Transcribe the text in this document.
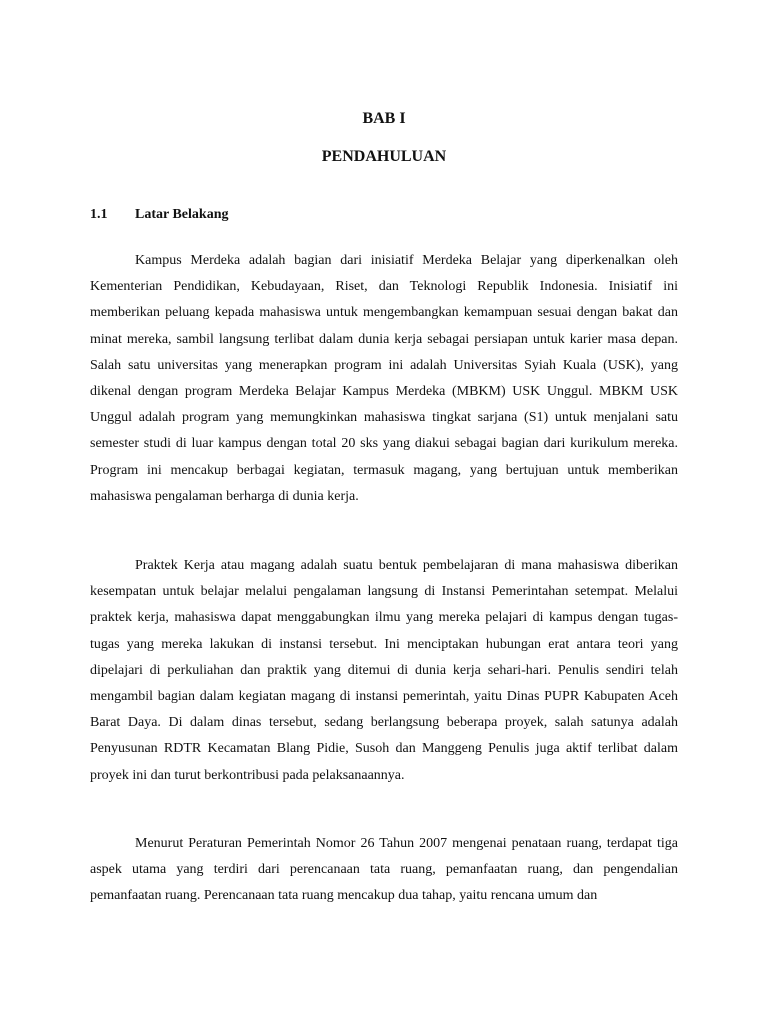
BAB I
PENDAHULUAN
1.1 Latar Belakang

Kampus Merdeka adalah bagian dari inisiatif Merdeka Belajar yang diperkenalkan oleh Kementerian Pendidikan, Kebudayaan, Riset, dan Teknologi Republik Indonesia. Inisiatif ini memberikan peluang kepada mahasiswa untuk mengembangkan kemampuan sesuai dengan bakat dan minat mereka, sambil langsung terlibat dalam dunia kerja sebagai persiapan untuk karier masa depan. Salah satu universitas yang menerapkan program ini adalah Universitas Syiah Kuala (USK), yang dikenal dengan program Merdeka Belajar Kampus Merdeka (MBKM) USK Unggul. MBKM USK Unggul adalah program yang memungkinkan mahasiswa tingkat sarjana (S1) untuk menjalani satu semester studi di luar kampus dengan total 20 sks yang diakui sebagai bagian dari kurikulum mereka. Program ini mencakup berbagai kegiatan, termasuk magang, yang bertujuan untuk memberikan mahasiswa pengalaman berharga di dunia kerja.

Praktek Kerja atau magang adalah suatu bentuk pembelajaran di mana mahasiswa diberikan kesempatan untuk belajar melalui pengalaman langsung di Instansi Pemerintahan setempat. Melalui praktek kerja, mahasiswa dapat menggabungkan ilmu yang mereka pelajari di kampus dengan tugas-tugas yang mereka lakukan di instansi tersebut. Ini menciptakan hubungan erat antara teori yang dipelajari di perkuliahan dan praktik yang ditemui di dunia kerja sehari-hari. Penulis sendiri telah mengambil bagian dalam kegiatan magang di instansi pemerintah, yaitu Dinas PUPR Kabupaten Aceh Barat Daya. Di dalam dinas tersebut, sedang berlangsung beberapa proyek, salah satunya adalah Penyusunan RDTR Kecamatan Blang Pidie, Susoh dan Manggeng Penulis juga aktif terlibat dalam proyek ini dan turut berkontribusi pada pelaksanaannya.

Menurut Peraturan Pemerintah Nomor 26 Tahun 2007 mengenai penataan ruang, terdapat tiga aspek utama yang terdiri dari perencanaan tata ruang, pemanfaatan ruang, dan pengendalian pemanfaatan ruang. Perencanaan tata ruang mencakup dua tahap, yaitu rencana umum dan
